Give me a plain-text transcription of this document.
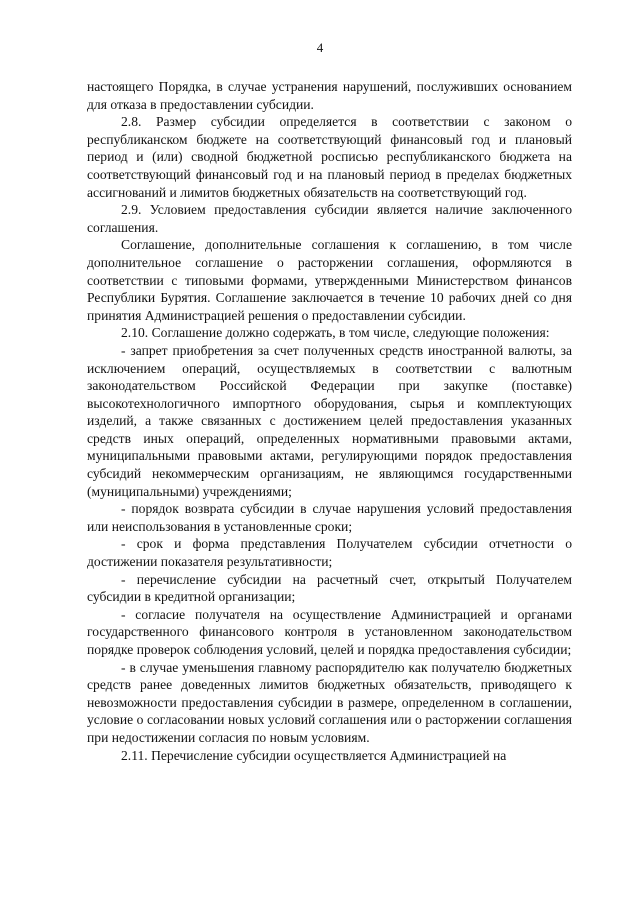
4

настоящего Порядка, в случае устранения нарушений, послуживших основанием для отказа в предоставлении субсидии.

2.8. Размер субсидии определяется в соответствии с законом о республиканском бюджете на соответствующий финансовый год и плановый период и (или) сводной бюджетной росписью республиканского бюджета на соответствующий финансовый год и на плановый период в пределах бюджетных ассигнований и лимитов бюджетных обязательств на соответствующий год.

2.9. Условием предоставления субсидии является наличие заключенного соглашения.

Соглашение, дополнительные соглашения к соглашению, в том числе дополнительное соглашение о расторжении соглашения, оформляются в соответствии с типовыми формами, утвержденными Министерством финансов Республики Бурятия. Соглашение заключается в течение 10 рабочих дней со дня принятия Администрацией решения о предоставлении субсидии.

2.10. Соглашение должно содержать, в том числе, следующие положения:

- запрет приобретения за счет полученных средств иностранной валюты, за исключением операций, осуществляемых в соответствии с валютным законодательством Российской Федерации при закупке (поставке) высокотехнологичного импортного оборудования, сырья и комплектующих изделий, а также связанных с достижением целей предоставления указанных средств иных операций, определенных нормативными правовыми актами, муниципальными правовыми актами, регулирующими порядок предоставления субсидий некоммерческим организациям, не являющимся государственными (муниципальными) учреждениями;

- порядок возврата субсидии в случае нарушения условий предоставления или неиспользования в установленные сроки;

- срок и форма представления Получателем субсидии отчетности о достижении показателя результативности;

- перечисление субсидии на расчетный счет, открытый Получателем субсидии в кредитной организации;

- согласие получателя на осуществление Администрацией и органами государственного финансового контроля в установленном законодательством порядке проверок соблюдения условий, целей и порядка предоставления субсидии;

- в случае уменьшения главному распорядителю как получателю бюджетных средств ранее доведенных лимитов бюджетных обязательств, приводящего к невозможности предоставления субсидии в размере, определенном в соглашении, условие о согласовании новых условий соглашения или о расторжении соглашения при недостижении согласия по новым условиям.

2.11. Перечисление субсидии осуществляется Администрацией на
